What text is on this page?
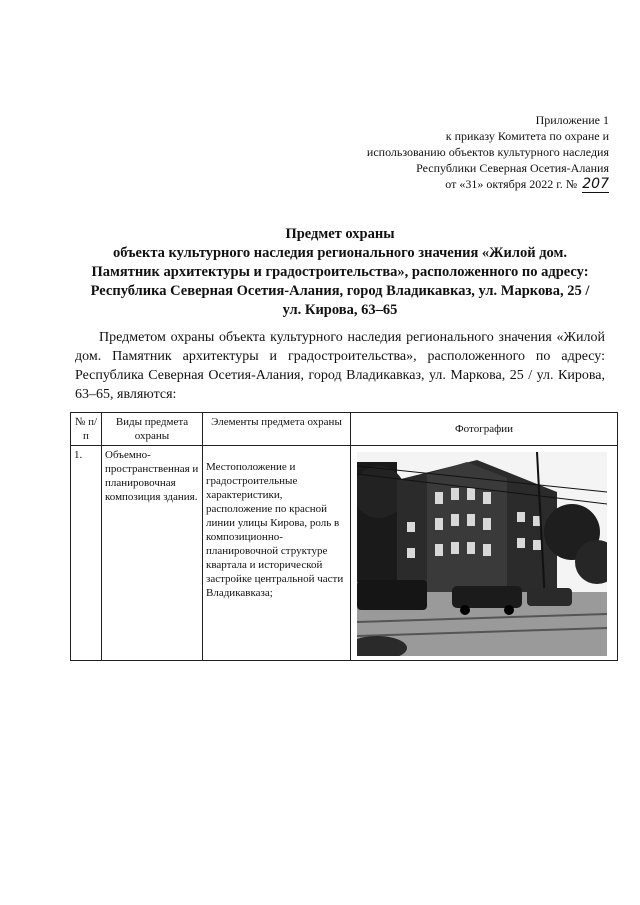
Приложение 1
к приказу Комитета по охране и
использованию объектов культурного наследия
Республики Северная Осетия-Алания
от «31» октября 2022 г. № 207
Предмет охраны
объекта культурного наследия регионального значения «Жилой дом.
Памятник архитектуры и градостроительства», расположенного по адресу:
Республика Северная Осетия-Алания, город Владикавказ, ул. Маркова, 25 /
ул. Кирова, 63–65
Предметом охраны объекта культурного наследия регионального значения «Жилой дом. Памятник архитектуры и градостроительства», расположенного по адресу: Республика Северная Осетия-Алания, город Владикавказ, ул. Маркова, 25 / ул. Кирова, 63–65, являются:
№ п/п	Виды предмета охраны	Элементы предмета охраны	Фотографии
1.	Объемно-пространственная и планировочная композиция здания.	Местоположение и градостроительные характеристики, расположение по красной линии улицы Кирова, роль в композиционно-планировочной структуре квартала и исторической застройке центральной части Владикавказа;
